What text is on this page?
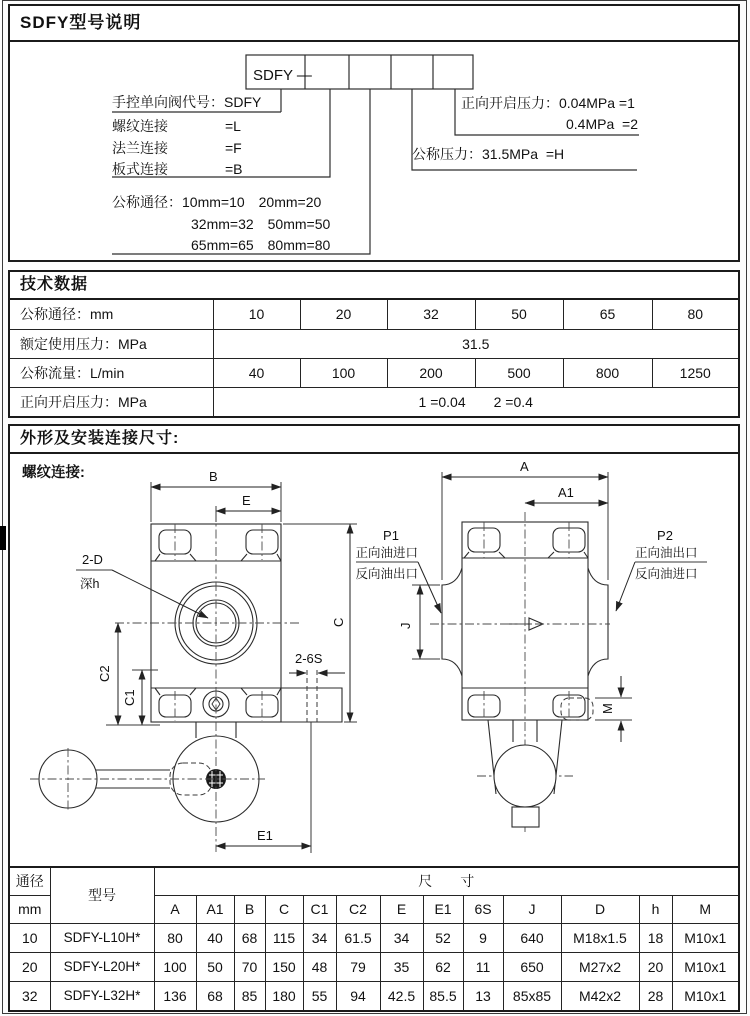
SDFY型号说明
SDFY —
手控单向阀代号：SDFY
螺纹连接	=L
法兰连接	=F
板式连接	=B
公称通径：10mm=10　20mm=20
32mm=32　50mm=50
65mm=65　80mm=80
正向开启压力：0.04MPa =1
0.4MPa  =2
公称压力：31.5MPa  =H
技术数据
公称通径：mm	10	20	32	50	65	80
额定使用压力：MPa	31.5					
公称流量：L/min	40	100	200	500	800	1250
正向开启压力：MPa	1 =0.04　　2 =0.4					
外形及安装连接尺寸:
螺纹连接:	B
E
C
C2
C1
E1
2-6S
2-D
深h
A
A1
J
M
P1
正向油进口
反向油出口
P2
正向油出口
反向油进口
通径	型号	尺　　寸												
mm		A	A1	B	C	C1	C2	E	E1	6S	J	D	h	M
10	SDFY-L10H*	80	40	68	115	34	61.5	34	52	9	640	M18x1.5	18	M10x1
20	SDFY-L20H*	100	50	70	150	48	79	35	62	11	650	M27x2	20	M10x1
32	SDFY-L32H*	136	68	85	180	55	94	42.5	85.5	13	85x85	M42x2	28	M10x1
